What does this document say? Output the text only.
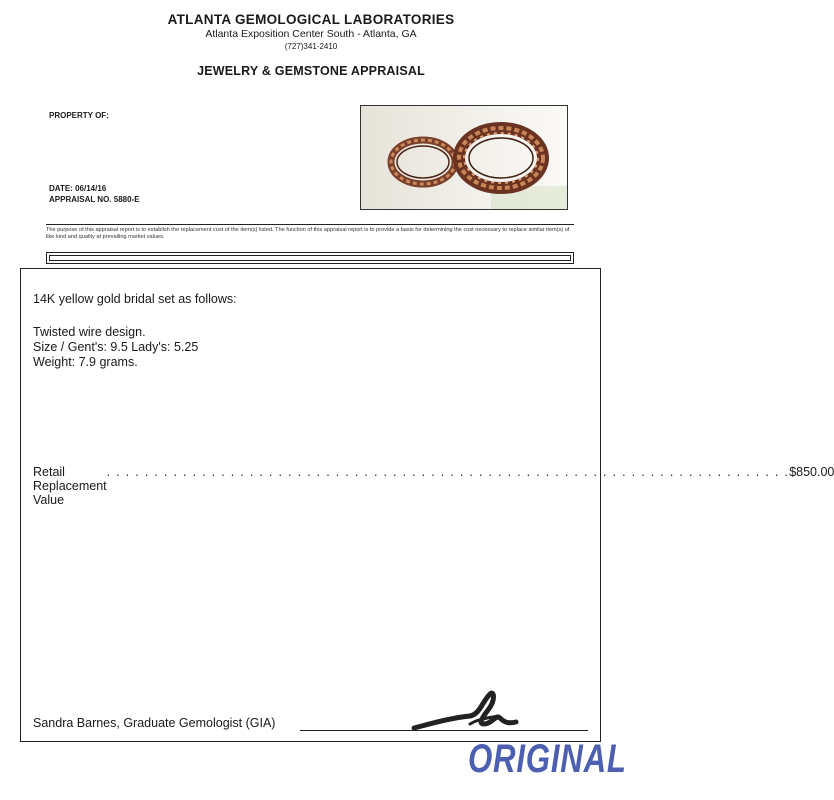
ATLANTA GEMOLOGICAL LABORATORIES
Atlanta Exposition Center South - Atlanta, GA
(727)341-2410
JEWELRY & GEMSTONE APPRAISAL
PROPERTY OF:
DATE: 06/14/16
APPRAISAL NO. 5880-E
The purpose of this appraisal report is to establish the replacement cost of the item(s) listed. The function of this appraisal report is to provide a basis for determining the cost necessary to replace similar item(s) of like kind and quality at prevailing market values.
14K yellow gold bridal set as follows:
Twisted wire design.
Size / Gent's: 9.5 Lady's: 5.25
Weight: 7.9 grams.
Retail Replacement Value
. . . . . . . . . . . . . . . . . . . . . . . . . . . . . . . . . . . . . . . . . . . . . . . . . . . . . . . . . . . . . . . . . . . . . . . . $850.00
Sandra Barnes, Graduate Gemologist (GIA)
ORIGINAL
